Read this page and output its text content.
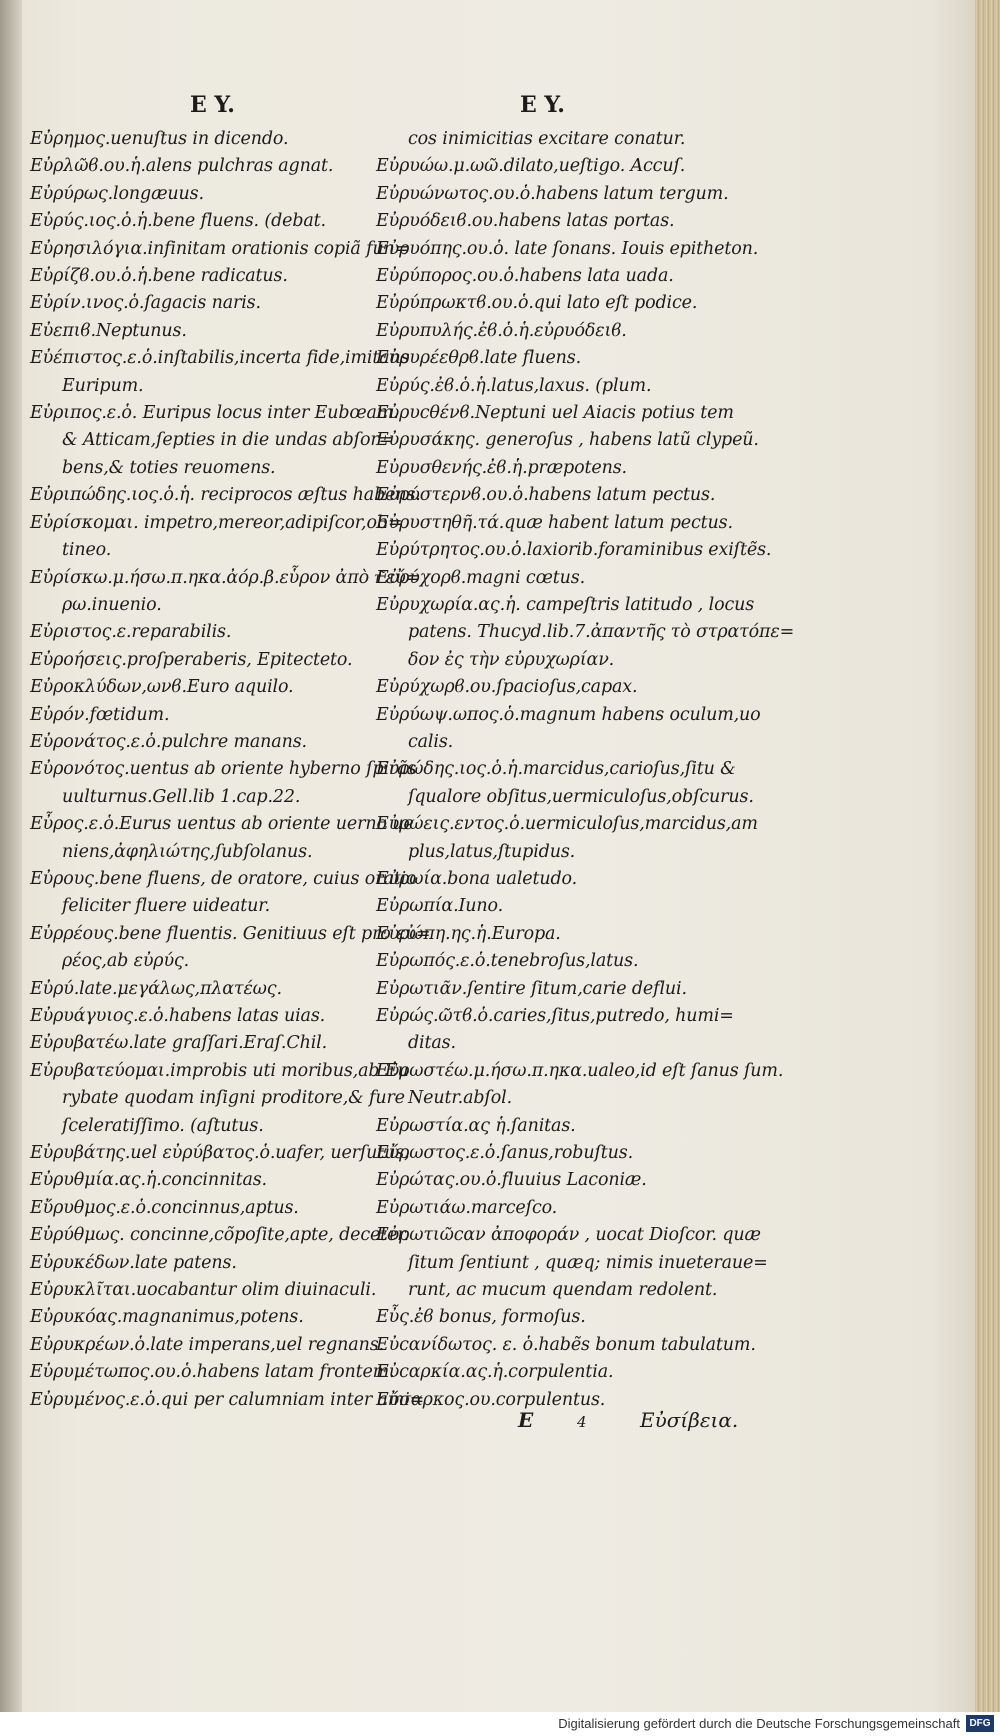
E Y.	E Y.
Εὐρημος.uenuſtus in dicendo.
Εὐρλῶϐ.ου.ἡ.alens pulchras agnat.
Εὐρύρως.longæuus.
Εὐρύς.ιος.ὁ.ἡ.bene fluens. (debat.
Εὐρησιλόγια.infinitam orationis copiã fun=
Εὐρίζϐ.ου.ὁ.ἡ.bene radicatus.
Εὐρίν.ινος.ὁ.ſagacis naris.
Εὐεπιϐ.Neptunus.
Εὐέπιστος.ε.ὁ.inſtabilis,incerta fide,imitans
Euripum.
Εὐριπος.ε.ὁ. Euripus locus inter Eubœam.
& Atticam,ſepties in die undas abſor=
bens,& toties reuomens.
Εὐριπώδης.ιος.ὁ.ἡ. reciprocos æſtus habens.
Εὐρίσκομαι. impetro,mereor,adipiſcor,ob=
tineo.
Εὐρίσκω.μ.ήσω.π.ηκα.ἀόρ.β.εὗρον ἀπὸ τ͂ εὔ=
ρω.inuenio.
Εὐριστος.ε.reparabilis.
Εὐροήσεις.proſperaberis, Epitecteto.
Εὐροκλύδων,ωνϐ.Euro aquilo.
Εὐρόν.fœtidum.
Εὐρονάτος.ε.ὁ.pulchre manans.
Εὐρονότος.uentus ab oriente hyberno ſpirãs
uulturnus.Gell.lib 1.cap.22.
Εὖρος.ε.ὁ.Eurus uentus ab oriente uerno ue
niens,ἀφηλιώτης,ſubſolanus.
Εὐρους.bene fluens, de oratore, cuius oratio
feliciter fluere uideatur.
Εὐρρέους.bene fluentis. Genitiuus eſt pro εὐ=
ρέος,ab εὐρύς.
Εὐρύ.late.μεγάλως,πλατέως.
Εὐρυάγυιος.ε.ὁ.habens latas uias.
Εὐρυβατέω.late graſſari.Eraſ.Chil.
Εὐρυβατεύομαι.improbis uti moribus,ab Eu
rybate quodam inſigni proditore,& fure
ſceleratiſſimo. (aſtutus.
Εὐρυβάτης.uel εὐρύβατος.ὁ.uafer, uerſutus,
Εὐρυθμία.ας.ἡ.concinnitas.
Εὔρυθμος.ε.ὁ.concinnus,aptus.
Εὐρύθμως. concinne,cõpoſite,apte, deceter.
Εὐρυκέδων.late patens.
Εὐρυκλῖται.uocabantur olim diuinaculi.
Εὐρυκόας.magnanimus,potens.
Εὐρυκρέων.ὁ.late imperans,uel regnans.
Εὐρυμέτωπος.ου.ὁ.habens latam frontem.
Εὐρυμένος.ε.ὁ.qui per calumniam inter ami=
cos inimicitias excitare conatur.
Εὐρυώω.μ.ωῶ.dilato,ueſtigo. Accuſ.
Εὐρυώνωτος.ου.ὁ.habens latum tergum.
Εὐρυόδειϐ.ου.habens latas portas.
Εὐρυόπης.ου.ὁ. late ſonans. Iouis epitheton.
Εὐρύπορος.ου.ὁ.habens lata uada.
Εὐρύπρωκτϐ.ου.ὁ.qui lato eſt podice.
Εὐρυπυλής.ἐϐ.ὁ.ἡ.εὐρυόδειϐ.
Εὐρυρέεθρϐ.late fluens.
Εὐρύς.ἐϐ.ὁ.ἡ.latus,laxus. (plum.
Εὐρυϲθένϐ.Neptuni uel Aiacis potius tem
Εὐρυσάκης. generoſus , habens latũ clypeũ.
Εὐρυσθενής.ἐϐ.ἡ.præpotens.
Εὐρύστερνϐ.ου.ὁ.habens latum pectus.
Εὐρυστηθῆ.τά.quæ habent latum pectus.
Εὐρύτρητος.ου.ὁ.laxiorib.foraminibus exiſtẽs.
Εὐρύχορϐ.magni cœtus.
Εὐρυχωρία.ας.ἡ. campeſtris latitudo , locus
patens. Thucyd.lib.7.ἀπαντῆς τὸ στρατόπε=
δον ἐς τὴν εὐρυχωρίαν.
Εὐρύχωρϐ.ου.ſpacioſus,capax.
Εὐρύωψ.ωπος.ὁ.magnum habens oculum,uo
calis.
Εὐρώδης.ιος.ὁ.ἡ.marcidus,carioſus,ſitu &
ſqualore obſitus,uermiculoſus,obſcurus.
Εὐρώεις.εντος.ὁ.uermiculoſus,marcidus,am
plus,latus,ſtupidus.
Εὐρωία.bona ualetudo.
Εὐρωπία.Iuno.
Εὐρώπη.ης.ἡ.Europa.
Εὐρωπός.ε.ὁ.tenebroſus,latus.
Εὐρωτιᾶν.ſentire ſitum,carie deflui.
Εὐρώς.ῶτϐ.ὁ.caries,ſitus,putredo, humi=
ditas.
Εὐρωστέω.μ.ήσω.π.ηκα.ualeo,id eſt ſanus ſum.
Neutr.abſol.
Εὐρωστία.ας ἡ.ſanitas.
Εὔρωστος.ε.ὁ.ſanus,robuſtus.
Εὐρώτας.ου.ὁ.fluuius Laconiæ.
Εὐρωτιάω.marceſco.
Εὐρωτιῶϲαν ἀποφοράν , uocat Dioſcor. quæ
ſitum ſentiunt , quæq; nimis inueteraue=
runt, ac mucum quendam redolent.
Εὖς.ἐϐ bonus, formoſus.
Εὐϲανίδωτος. ε. ὁ.habẽs bonum tabulatum.
Εὐϲαρκία.ας.ἡ.corpulentia.
Εὔσαρκος.ου.corpulentus.
E	4	Εὐσίβεια.
Digitalisierung gefördert durch die Deutsche Forschungsgemeinschaft DFG
